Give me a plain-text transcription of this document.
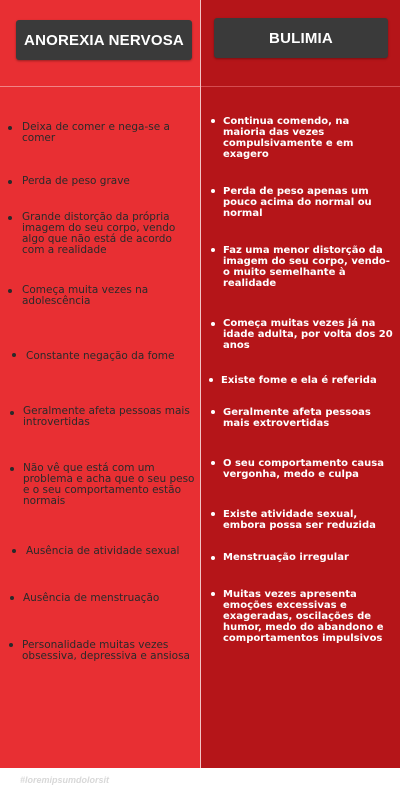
ANOREXIA NERVOSA	BULIMIA

Deixa de comer e nega-se a comer

Perda de peso grave

Grande distorção da própria imagem do seu corpo, vendo algo que não está de acordo com a realidade

Começa muita vezes na adolescência

Constante negação da fome

Geralmente afeta pessoas mais introvertidas

Não vê que está com um problema e acha que o seu peso e o seu comportamento estão normais

Ausência de atividade sexual

Ausência de menstruação

Personalidade muitas vezes obsessiva, depressiva e ansiosa

Continua comendo, na maioria das vezes compulsivamente e em exagero

Perda de peso apenas um pouco acima do normal ou normal

Faz uma menor distorção da imagem do seu corpo, vendo-o muito semelhante à realidade

Começa muitas vezes já na idade adulta, por volta dos 20 anos

Existe fome e ela é referida

Geralmente afeta pessoas mais extrovertidas

O seu comportamento causa vergonha, medo e culpa

Existe atividade sexual, embora possa ser reduzida

Menstruação irregular

Muitas vezes apresenta emoções excessivas e exageradas, oscilações de humor, medo do abandono e comportamentos impulsivos

#loremipsumdolorsit
